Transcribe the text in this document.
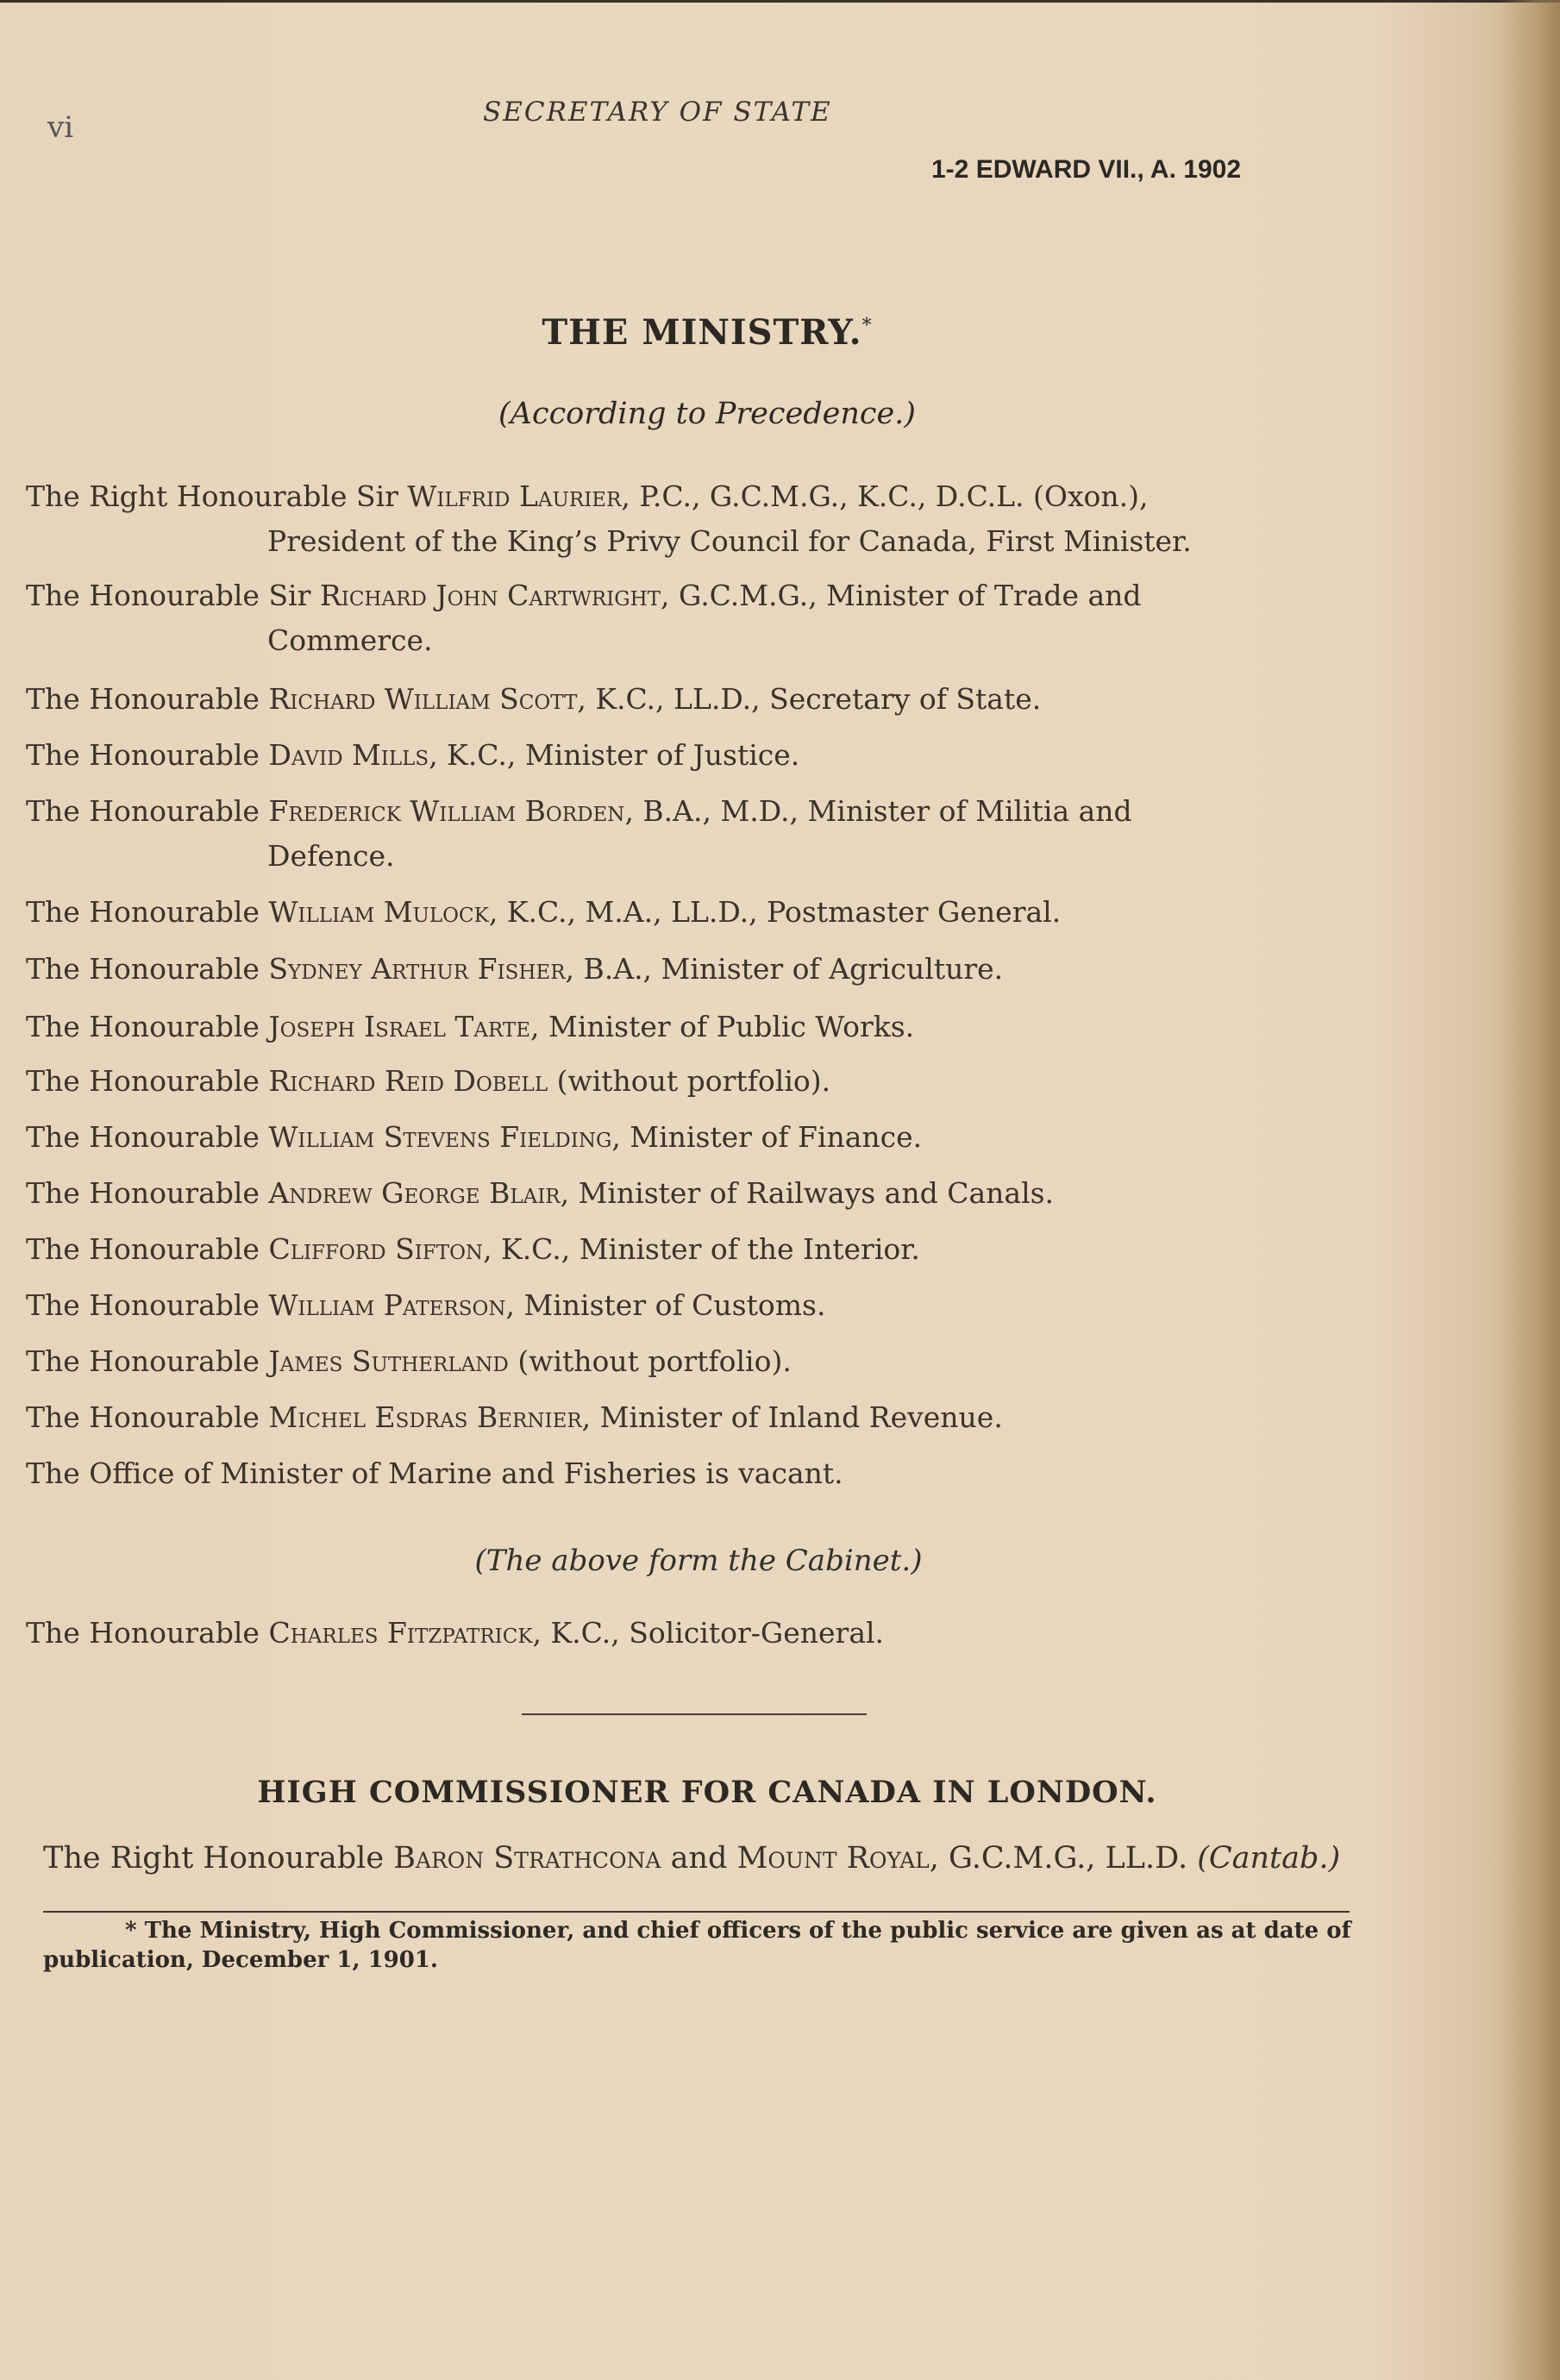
vi	SECRETARY OF STATE
1-2 EDWARD VII., A. 1902
THE MINISTRY.*
(According to Precedence.)
The Right Honourable Sir Wilfrid Laurier, P.C., G.C.M.G., K.C., D.C.L. (Oxon.),
President of the King’s Privy Council for Canada, First Minister.
The Honourable Sir Richard John Cartwright, G.C.M.G., Minister of Trade and
Commerce.
The Honourable Richard William Scott, K.C., LL.D., Secretary of State.
The Honourable David Mills, K.C., Minister of Justice.
The Honourable Frederick William Borden, B.A., M.D., Minister of Militia and
Defence.
The Honourable William Mulock, K.C., M.A., LL.D., Postmaster General.
The Honourable Sydney Arthur Fisher, B.A., Minister of Agriculture.
The Honourable Joseph Israel Tarte, Minister of Public Works.
The Honourable Richard Reid Dobell (without portfolio).
The Honourable William Stevens Fielding, Minister of Finance.
The Honourable Andrew George Blair, Minister of Railways and Canals.
The Honourable Clifford Sifton, K.C., Minister of the Interior.
The Honourable William Paterson, Minister of Customs.
The Honourable James Sutherland (without portfolio).
The Honourable Michel Esdras Bernier, Minister of Inland Revenue.
The Office of Minister of Marine and Fisheries is vacant.
(The above form the Cabinet.)
The Honourable Charles Fitzpatrick, K.C., Solicitor-General.
HIGH COMMISSIONER FOR CANADA IN LONDON.
The Right Honourable Baron Strathcona and Mount Royal, G.C.M.G., LL.D. (Cantab.)
* The Ministry, High Commissioner, and chief officers of the public service are given as at date of publication, December 1, 1901.
